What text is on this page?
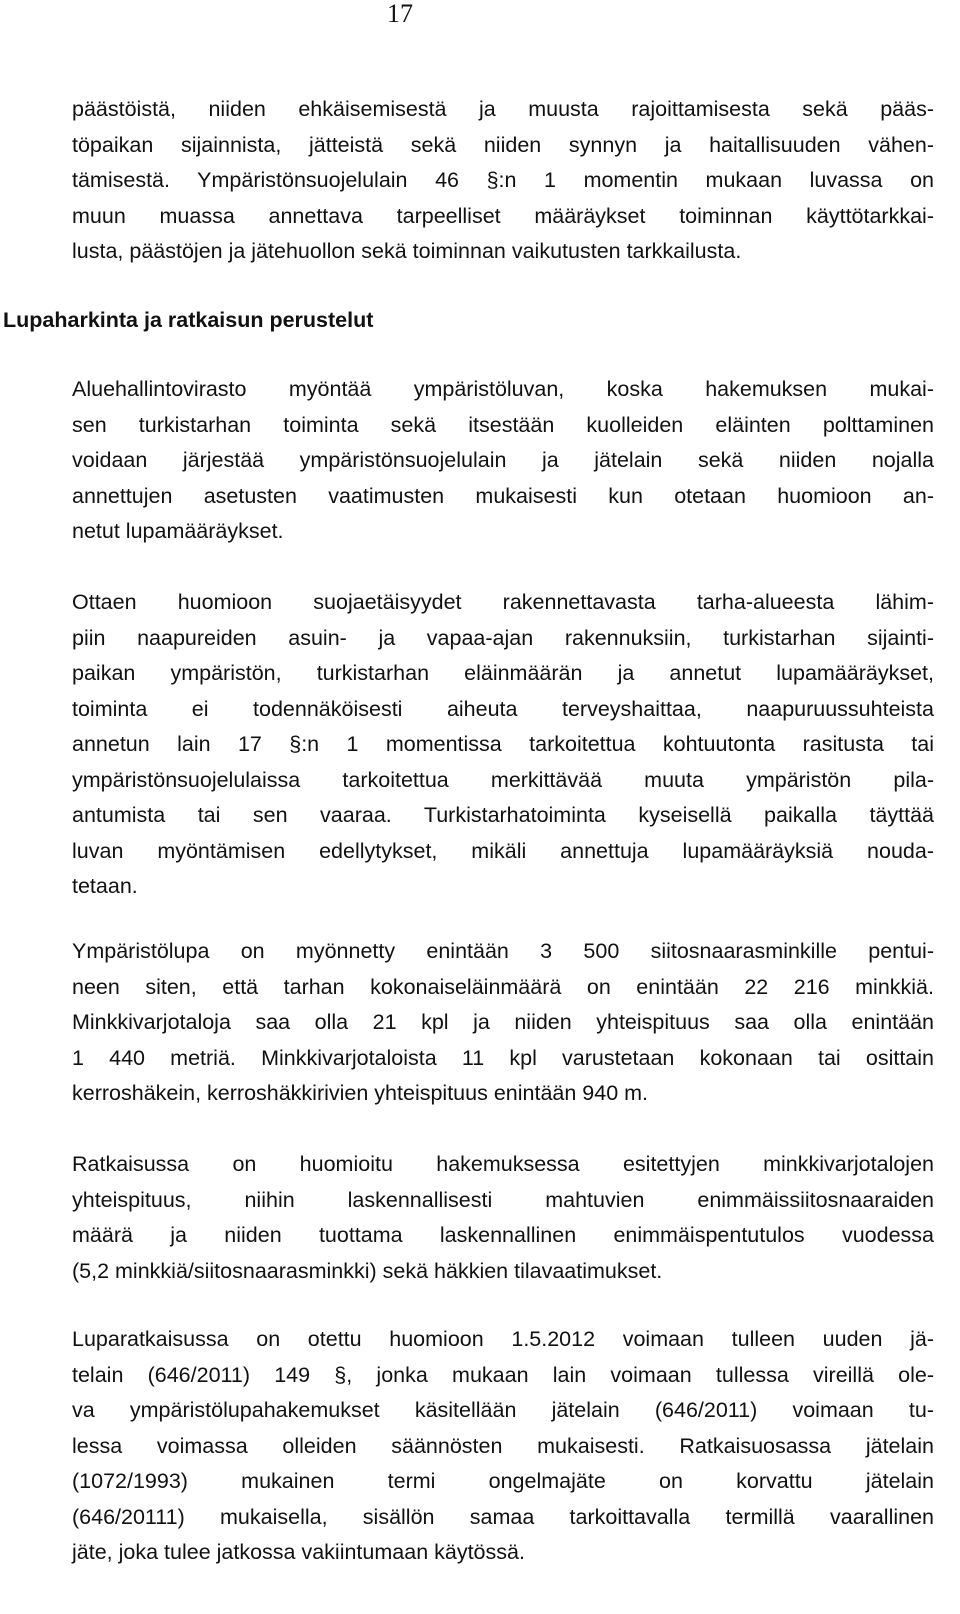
17
päästöistä, niiden ehkäisemisestä ja muusta rajoittamisesta sekä pääs-
töpaikan sijainnista, jätteistä sekä niiden synnyn ja haitallisuuden vähen-
tämisestä. Ympäristönsuojelulain 46 §:n 1 momentin mukaan luvassa on
muun muassa annettava tarpeelliset määräykset toiminnan käyttötarkkai-
lusta, päästöjen ja jätehuollon sekä toiminnan vaikutusten tarkkailusta.
Lupaharkinta ja ratkaisun perustelut
Aluehallintovirasto myöntää ympäristöluvan, koska hakemuksen mukai-
sen turkistarhan toiminta sekä itsestään kuolleiden eläinten polttaminen
voidaan järjestää ympäristönsuojelulain ja jätelain sekä niiden nojalla
annettujen asetusten vaatimusten mukaisesti kun otetaan huomioon an-
netut lupamääräykset.
Ottaen huomioon suojaetäisyydet rakennettavasta tarha-alueesta lähim-
piin naapureiden asuin- ja vapaa-ajan rakennuksiin, turkistarhan sijainti-
paikan ympäristön, turkistarhan eläinmäärän ja annetut lupamääräykset,
toiminta ei todennäköisesti aiheuta terveyshaittaa, naapuruussuhteista
annetun lain 17 §:n 1 momentissa tarkoitettua kohtuutonta rasitusta tai
ympäristönsuojelulaissa tarkoitettua merkittävää muuta ympäristön pila-
antumista tai sen vaaraa. Turkistarhatoiminta kyseisellä paikalla täyttää
luvan myöntämisen edellytykset, mikäli annettuja lupamääräyksiä nouda-
tetaan.
Ympäristölupa on myönnetty enintään 3 500 siitosnaarasminkille pentui-
neen siten, että tarhan kokonaiseläinmäärä on enintään 22 216 minkkiä.
Minkkivarjotaloja saa olla 21 kpl ja niiden yhteispituus saa olla enintään
1 440 metriä. Minkkivarjotaloista 11 kpl varustetaan kokonaan tai osittain
kerroshäkein, kerroshäkkirivien yhteispituus enintään 940 m.
Ratkaisussa on huomioitu hakemuksessa esitettyjen minkkivarjotalojen
yhteispituus, niihin laskennallisesti mahtuvien enimmäissiitosnaaraiden
määrä ja niiden tuottama laskennallinen enimmäispentutulos vuodessa
(5,2 minkkiä/siitosnaarasminkki) sekä häkkien tilavaatimukset.
Luparatkaisussa on otettu huomioon 1.5.2012 voimaan tulleen uuden jä-
telain (646/2011) 149 §, jonka mukaan lain voimaan tullessa vireillä ole-
va ympäristölupahakemukset käsitellään jätelain (646/2011) voimaan tu-
lessa voimassa olleiden säännösten mukaisesti. Ratkaisuosassa jätelain
(1072/1993) mukainen termi ongelmajäte on korvattu jätelain
(646/20111) mukaisella, sisällön samaa tarkoittavalla termillä vaarallinen
jäte, joka tulee jatkossa vakiintumaan käytössä.
